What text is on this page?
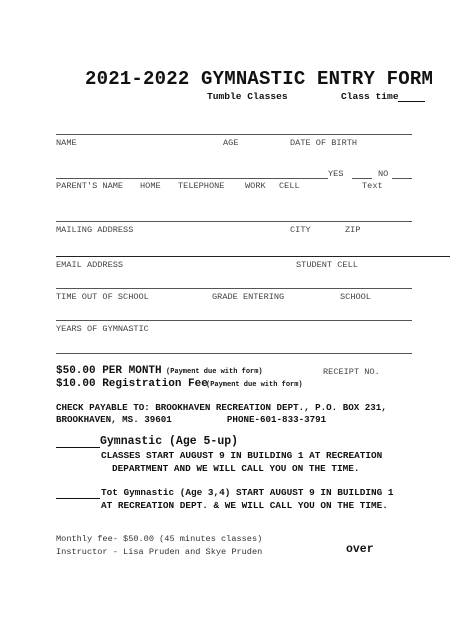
2021-2022 GYMNASTIC ENTRY FORM
Tumble Classes	Class time
NAME	AGE	DATE OF BIRTH
YES	NO
PARENT'S NAME HOME TELEPHONE WORK CELL	Text
MAILING ADDRESS	CITY	ZIP
EMAIL ADDRESS	STUDENT CELL
TIME OUT OF SCHOOL	GRADE ENTERING	SCHOOL
YEARS OF GYMNASTIC
$50.00 PER MONTH (Payment due with form)	RECEIPT NO.
$10.00 Registration Fee
(Payment due with form)
CHECK PAYABLE TO: BROOKHAVEN RECREATION DEPT., P.O. BOX 231,
BROOKHAVEN, MS. 39601          PHONE-601-833-3791
Gymnastic (Age 5-up)
CLASSES START AUGUST 9 IN BUILDING 1 AT RECREATION
DEPARTMENT AND WE WILL CALL YOU ON THE TIME.
Tot Gymnastic (Age 3,4) START AUGUST 9 IN BUILDING 1
AT RECREATION DEPT. & WE WILL CALL YOU ON THE TIME.
Monthly fee- $50.00 (45 minutes classes)
Instructor - Lisa Pruden and Skye Pruden	over
